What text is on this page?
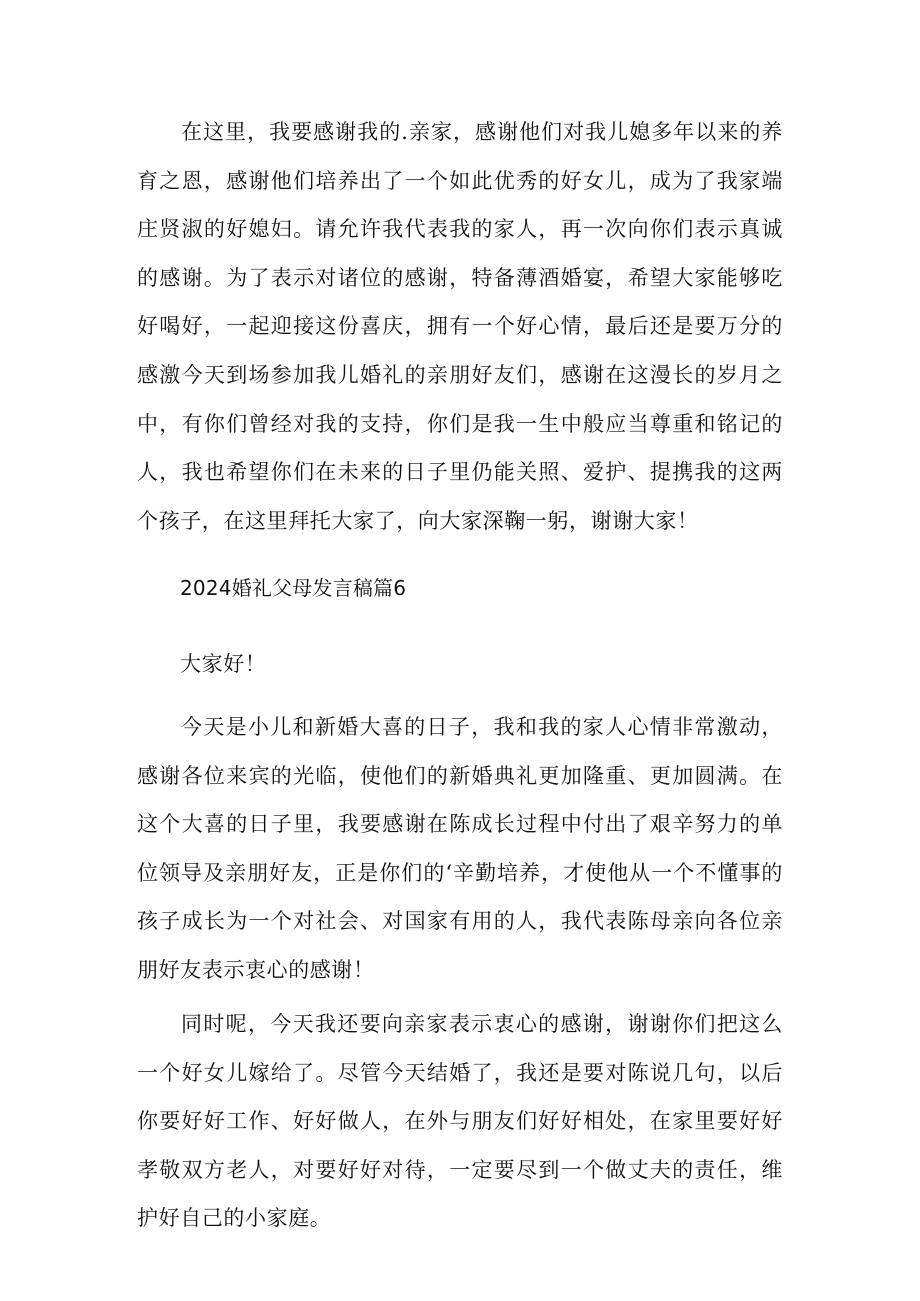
在这里，我要感谢我的.亲家，感谢他们对我儿媳多年以来的养育之恩，感谢他们培养出了一个如此优秀的好女儿，成为了我家端庄贤淑的好媳妇。请允许我代表我的家人，再一次向你们表示真诚的感谢。为了表示对诸位的感谢，特备薄酒婚宴，希望大家能够吃好喝好，一起迎接这份喜庆，拥有一个好心情，最后还是要万分的感激今天到场参加我儿婚礼的亲朋好友们，感谢在这漫长的岁月之中，有你们曾经对我的支持，你们是我一生中般应当尊重和铭记的人，我也希望你们在未来的日子里仍能关照、爱护、提携我的这两个孩子，在这里拜托大家了，向大家深鞠一躬，谢谢大家！

2024婚礼父母发言稿篇6

大家好！

今天是小儿和新婚大喜的日子，我和我的家人心情非常激动，感谢各位来宾的光临，使他们的新婚典礼更加隆重、更加圆满。在这个大喜的日子里，我要感谢在陈成长过程中付出了艰辛努力的单位领导及亲朋好友，正是你们的‘辛勤培养，才使他从一个不懂事的孩子成长为一个对社会、对国家有用的人，我代表陈母亲向各位亲朋好友表示衷心的感谢！

同时呢，今天我还要向亲家表示衷心的感谢，谢谢你们把这么一个好女儿嫁给了。尽管今天结婚了，我还是要对陈说几句，以后你要好好工作、好好做人，在外与朋友们好好相处，在家里要好好孝敬双方老人，对要好好对待，一定要尽到一个做丈夫的责任，维护好自己的小家庭。
